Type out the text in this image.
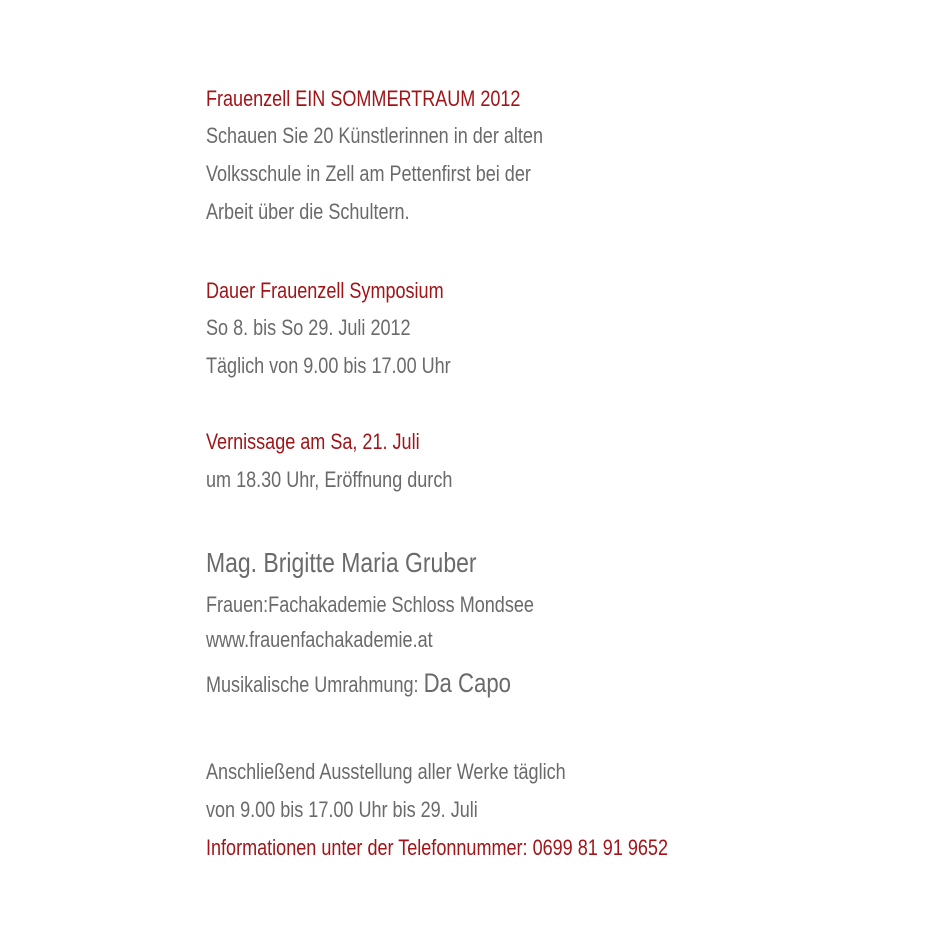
Frauenzell EIN SOMMERTRAUM 2012
Schauen Sie 20 Künstlerinnen in der alten
Volksschule in Zell am Pettenfirst bei der
Arbeit über die Schultern.
Dauer Frauenzell Symposium
So 8. bis So 29. Juli 2012
Täglich von 9.00 bis 17.00 Uhr
Vernissage am Sa, 21. Juli
um 18.30 Uhr, Eröffnung durch
Mag. Brigitte Maria Gruber
Frauen:Fachakademie Schloss Mondsee
www.frauenfachakademie.at
Musikalische Umrahmung: Da Capo
Anschließend Ausstellung aller Werke täglich
von 9.00 bis 17.00 Uhr bis 29. Juli
Informationen unter der Telefonnummer: 0699 81 91 9652
